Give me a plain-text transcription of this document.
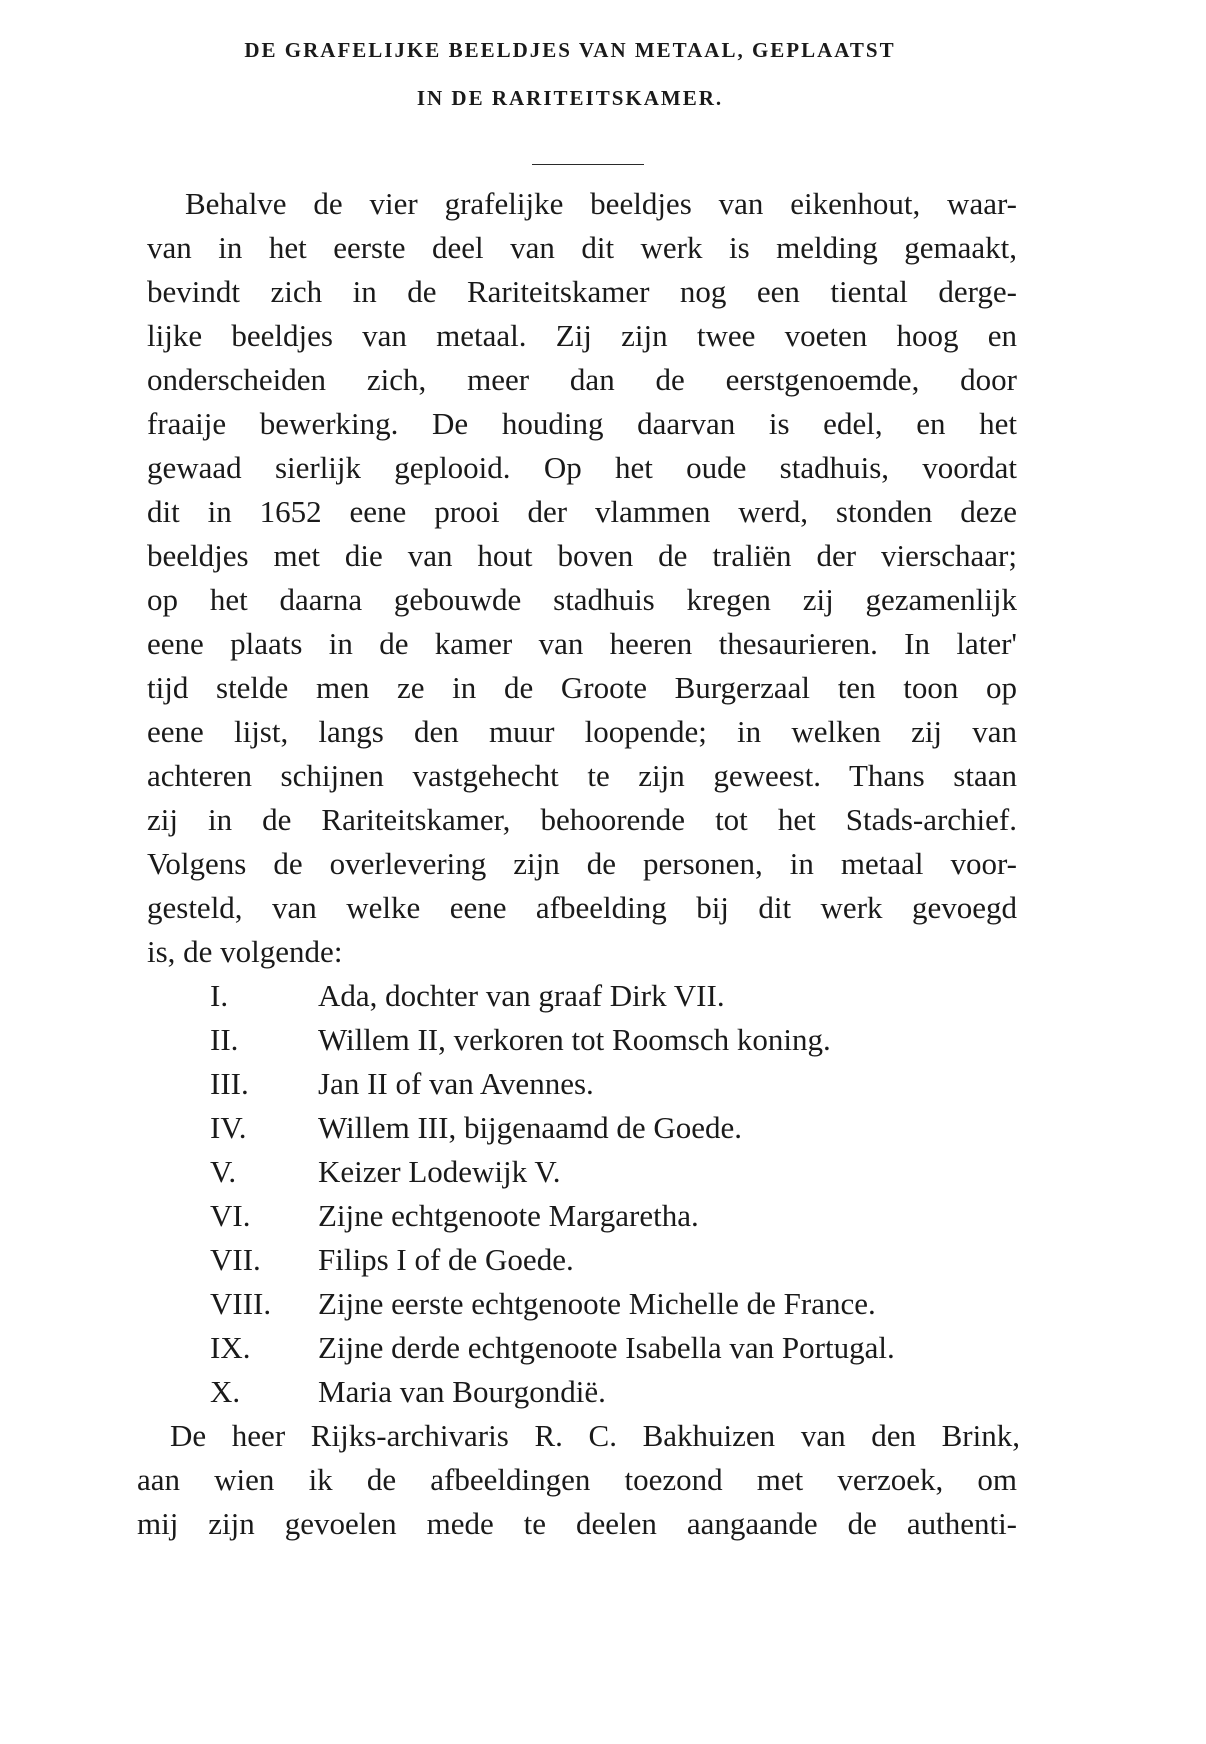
DE GRAFELIJKE BEELDJES VAN METAAL, GEPLAATST
IN DE RARITEITSKAMER.

Behalve de vier grafelijke beeldjes van eikenhout, waar-

van in het eerste deel van dit werk is melding gemaakt,

bevindt zich in de Rariteitskamer nog een tiental derge-

lijke beeldjes van metaal. Zij zijn twee voeten hoog en

onderscheiden zich, meer dan de eerstgenoemde, door

fraaije bewerking. De houding daarvan is edel, en het

gewaad sierlijk geplooid. Op het oude stadhuis, voordat

dit in 1652 eene prooi der vlammen werd, stonden deze

beeldjes met die van hout boven de traliën der vierschaar;

op het daarna gebouwde stadhuis kregen zij gezamenlijk

eene plaats in de kamer van heeren thesaurieren. In later'

tijd stelde men ze in de Groote Burgerzaal ten toon op

eene lijst, langs den muur loopende; in welken zij van

achteren schijnen vastgehecht te zijn geweest. Thans staan

zij in de Rariteitskamer, behoorende tot het Stads-archief.

Volgens de overlevering zijn de personen, in metaal voor-

gesteld, van welke eene afbeelding bij dit werk gevoegd

is, de volgende:

I.	Ada, dochter van graaf Dirk VII.
II.	Willem II, verkoren tot Roomsch koning.
III. Jan II of van Avennes.
IV. Willem III, bijgenaamd de Goede.
V.	Keizer Lodewijk V.
VI. Zijne echtgenoote Margaretha.
VII. Filips I of de Goede.
VIII. Zijne eerste echtgenoote Michelle de France.
IX. Zijne derde echtgenoote Isabella van Portugal.
X.	Maria van Bourgondië.

De heer Rijks-archivaris R. C. Bakhuizen van den Brink,

aan wien ik de afbeeldingen toezond met verzoek, om

mij zijn gevoelen mede te deelen aangaande de authenti-
